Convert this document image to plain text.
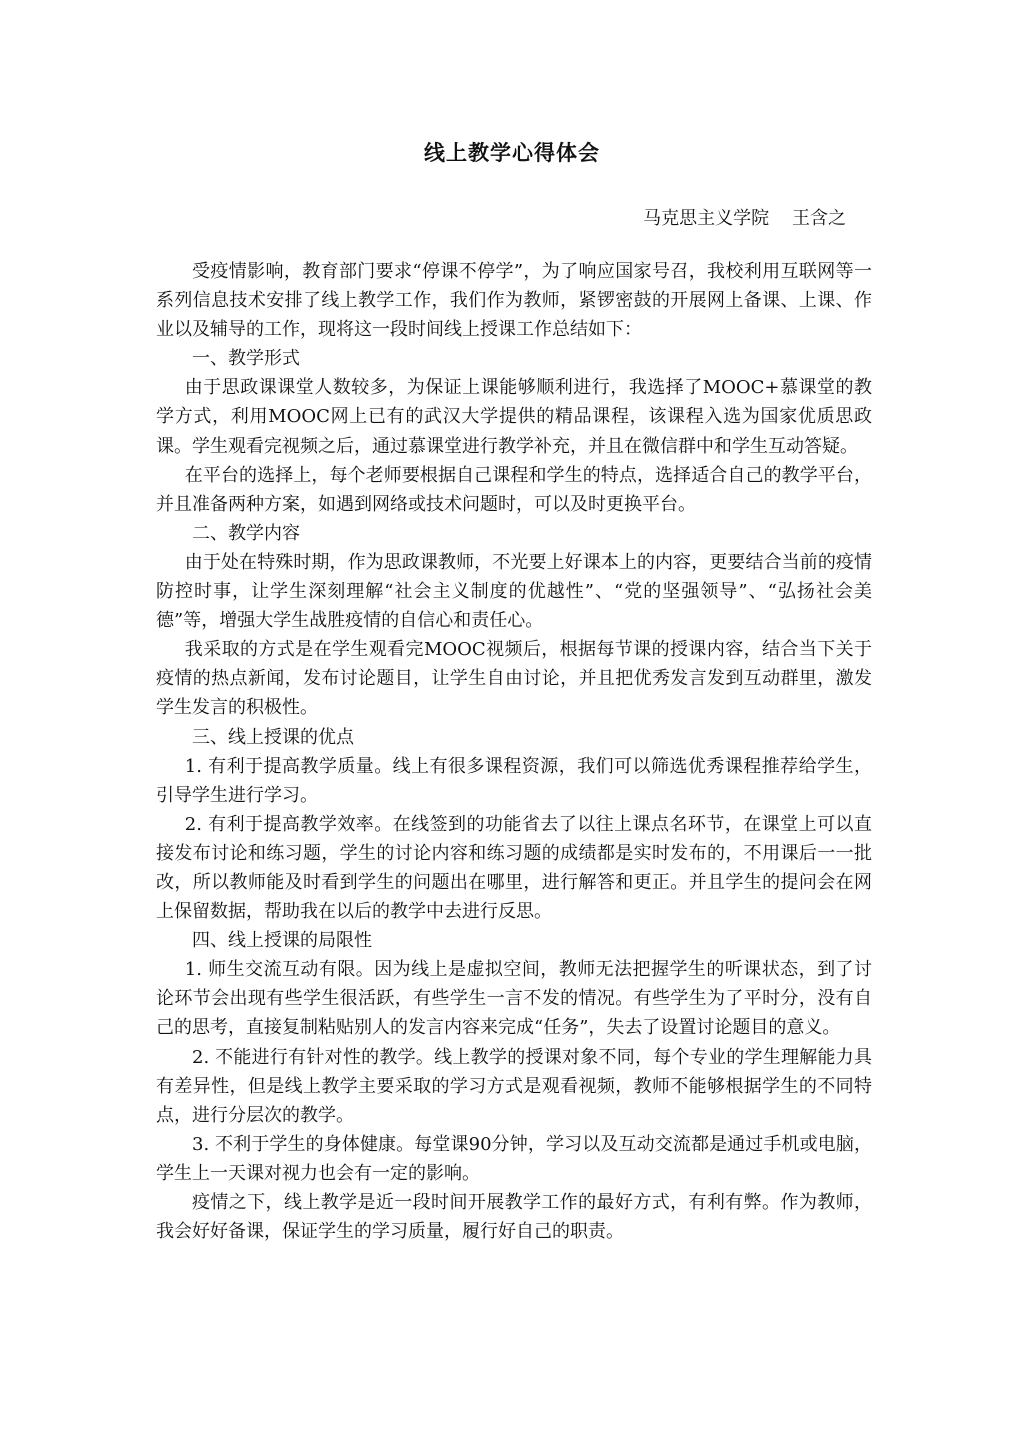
线上教学心得体会
马克思主义学院    王含之

受疫情影响，教育部门要求“停课不停学”，为了响应国家号召，我校利用互联网等一系列信息技术安排了线上教学工作，我们作为教师，紧锣密鼓的开展网上备课、上课、作业以及辅导的工作，现将这一段时间线上授课工作总结如下：

一、教学形式

由于思政课课堂人数较多，为保证上课能够顺利进行，我选择了MOOC+慕课堂的教学方式，利用MOOC网上已有的武汉大学提供的精品课程，该课程入选为国家优质思政课。学生观看完视频之后，通过慕课堂进行教学补充，并且在微信群中和学生互动答疑。

在平台的选择上，每个老师要根据自己课程和学生的特点，选择适合自己的教学平台，并且准备两种方案，如遇到网络或技术问题时，可以及时更换平台。

二、教学内容

由于处在特殊时期，作为思政课教师，不光要上好课本上的内容，更要结合当前的疫情防控时事，让学生深刻理解“社会主义制度的优越性”、“党的坚强领导”、“弘扬社会美德”等，增强大学生战胜疫情的自信心和责任心。

我采取的方式是在学生观看完MOOC视频后，根据每节课的授课内容，结合当下关于疫情的热点新闻，发布讨论题目，让学生自由讨论，并且把优秀发言发到互动群里，激发学生发言的积极性。

三、线上授课的优点

1. 有利于提高教学质量。线上有很多课程资源，我们可以筛选优秀课程推荐给学生，引导学生进行学习。

2. 有利于提高教学效率。在线签到的功能省去了以往上课点名环节，在课堂上可以直接发布讨论和练习题，学生的讨论内容和练习题的成绩都是实时发布的，不用课后一一批改，所以教师能及时看到学生的问题出在哪里，进行解答和更正。并且学生的提问会在网上保留数据，帮助我在以后的教学中去进行反思。

四、线上授课的局限性

1. 师生交流互动有限。因为线上是虚拟空间，教师无法把握学生的听课状态，到了讨论环节会出现有些学生很活跃，有些学生一言不发的情况。有些学生为了平时分，没有自己的思考，直接复制粘贴别人的发言内容来完成“任务”，失去了设置讨论题目的意义。

2. 不能进行有针对性的教学。线上教学的授课对象不同，每个专业的学生理解能力具有差异性，但是线上教学主要采取的学习方式是观看视频，教师不能够根据学生的不同特点，进行分层次的教学。

3. 不利于学生的身体健康。每堂课90分钟，学习以及互动交流都是通过手机或电脑，学生上一天课对视力也会有一定的影响。

疫情之下，线上教学是近一段时间开展教学工作的最好方式，有利有弊。作为教师，我会好好备课，保证学生的学习质量，履行好自己的职责。
